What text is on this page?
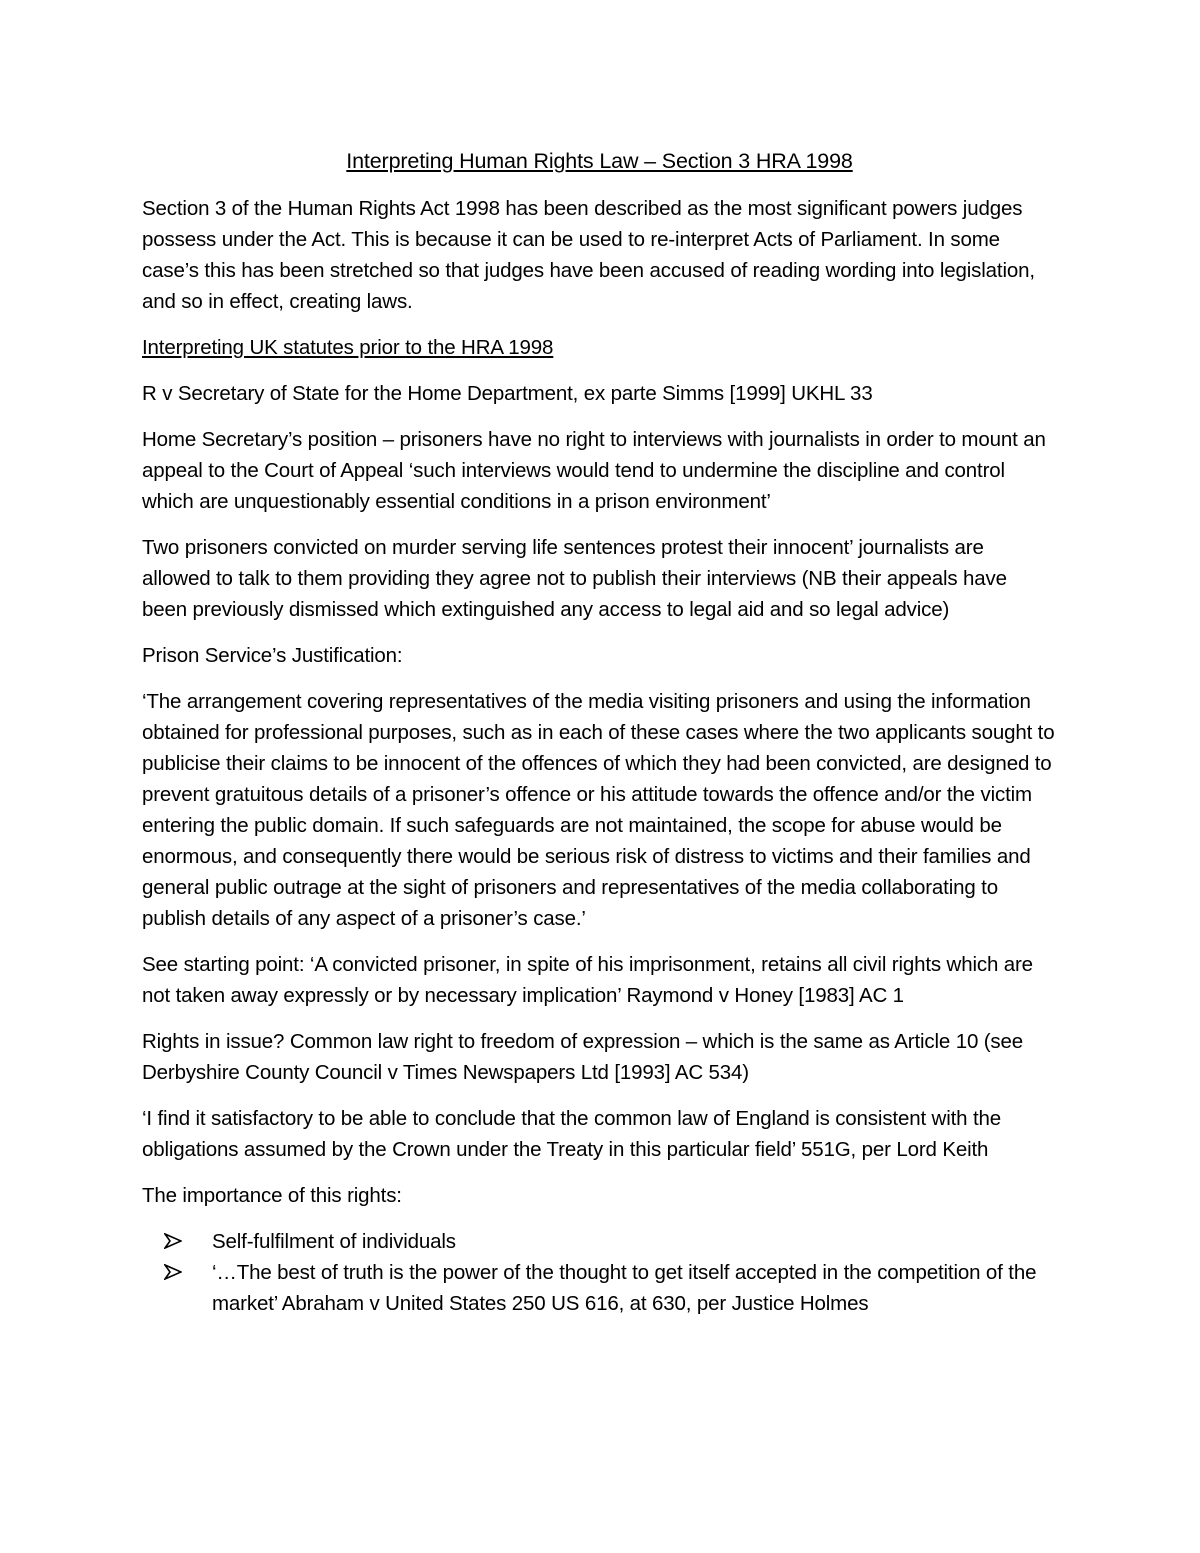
Interpreting Human Rights Law – Section 3 HRA 1998

Section 3 of the Human Rights Act 1998 has been described as the most significant powers judges possess under the Act. This is because it can be used to re-interpret Acts of Parliament. In some case’s this has been stretched so that judges have been accused of reading wording into legislation, and so in effect, creating laws.

Interpreting UK statutes prior to the HRA 1998

R v Secretary of State for the Home Department, ex parte Simms [1999] UKHL 33

Home Secretary’s position – prisoners have no right to interviews with journalists in order to mount an appeal to the Court of Appeal ‘such interviews would tend to undermine the discipline and control which are unquestionably essential conditions in a prison environment’

Two prisoners convicted on murder serving life sentences protest their innocent’ journalists are allowed to talk to them providing they agree not to publish their interviews (NB their appeals have been previously dismissed which extinguished any access to legal aid and so legal advice)

Prison Service’s Justification:

‘The arrangement covering representatives of the media visiting prisoners and using the information obtained for professional purposes, such as in each of these cases where the two applicants sought to publicise their claims to be innocent of the offences of which they had been convicted, are designed to prevent gratuitous details of a prisoner’s offence or his attitude towards the offence and/or the victim entering the public domain. If such safeguards are not maintained, the scope for abuse would be enormous, and consequently there would be serious risk of distress to victims and their families and general public outrage at the sight of prisoners and representatives of the media collaborating to publish details of any aspect of a prisoner’s case.’

See starting point: ‘A convicted prisoner, in spite of his imprisonment, retains all civil rights which are not taken away expressly or by necessary implication’ Raymond v Honey [1983] AC 1

Rights in issue? Common law right to freedom of expression – which is the same as Article 10 (see Derbyshire County Council v Times Newspapers Ltd [1993] AC 534)

‘I find it satisfactory to be able to conclude that the common law of England is consistent with the obligations assumed by the Crown under the Treaty in this particular field’ 551G, per Lord Keith

The importance of this rights:

Self-fulfilment of individuals
‘…The best of truth is the power of the thought to get itself accepted in the competition of the market’ Abraham v United States 250 US 616, at 630, per Justice Holmes
